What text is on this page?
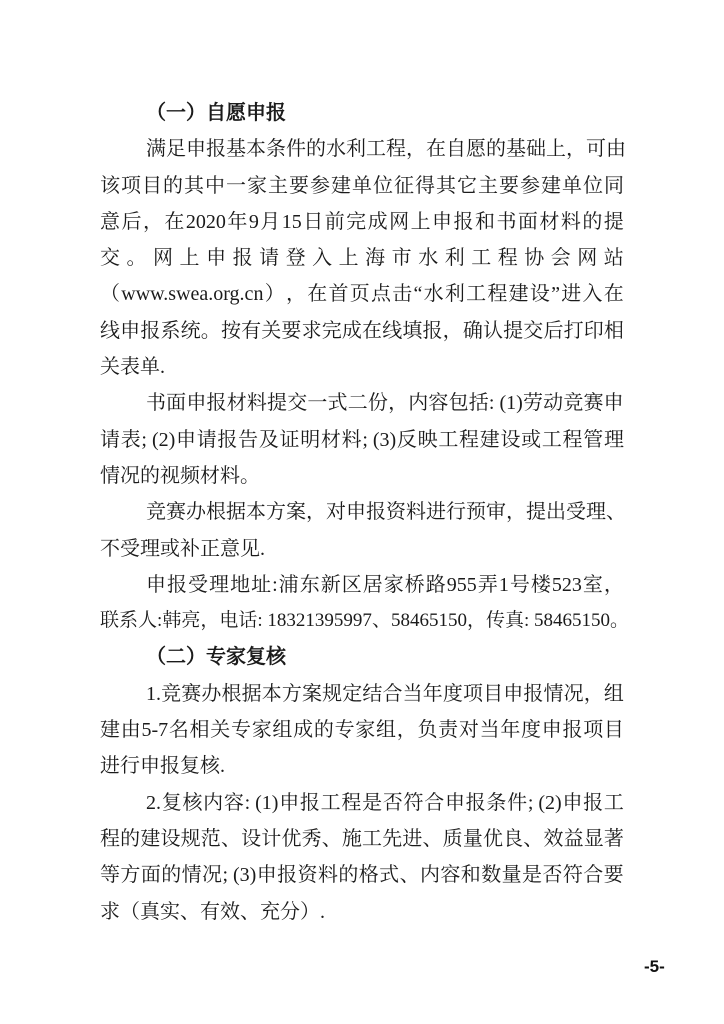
（一）自愿申报
满 足 申 报 基 本 条 件 的 水 利 工 程 ， 在 自 愿 的 基 础 上 ， 可 由
该 项 目 的 其 中 一 家 主 要 参 建 单 位 征 得 其 它 主 要 参 建 单 位 同
意 后 ， 在 2020 年 9 月 15 日 前 完 成 网 上 申 报 和 书 面 材 料 的 提
交 。 网 上 申 报 请 登 入 上 海 市 水 利 工 程 协 会 网 站
（ www.swea.org.cn ） ， 在 首 页 点 击 “ 水 利 工 程 建 设 ” 进 入 在
线 申 报 系 统 。 按 有 关 要 求 完 成 在 线 填 报 ， 确 认 提 交 后 打 印 相
关表单.
书 面 申 报 材 料 提 交 一 式 二 份 ， 内 容 包 括 : (1) 劳 动 竞 赛 申
请 表 ; (2) 申 请 报 告 及 证 明 材 料 ; (3) 反 映 工 程 建 设 或 工 程 管 理
情况的视频材料。
竞 赛 办 根 据 本 方 案 ， 对 申 报 资 料 进 行 预 审 ， 提 出 受 理 、
不受理或补正意见.
申 报 受 理 地 址 : 浦 东 新 区 居 家 桥 路 955 弄 1 号 楼 523 室 ，
联 系 人 : 韩 亮 ， 电 话 : 18321395997 、 58465150 ， 传 真 : 58465150 。
（二）专家复核
1. 竞 赛 办 根 据 本 方 案 规 定 结 合 当 年 度 项 目 申 报 情 况 ， 组
建 由 5-7 名 相 关 专 家 组 成 的 专 家 组 ， 负 责 对 当 年 度 申 报 项 目
进行申报复核.
2. 复 核 内 容 : (1) 申 报 工 程 是 否 符 合 申 报 条 件 ; (2) 申 报 工
程 的 建 设 规 范 、 设 计 优 秀 、 施 工 先 进 、 质 量 优 良 、 效 益 显 著
等 方 面 的 情 况 ; (3) 申 报 资 料 的 格 式 、 内 容 和 数 量 是 否 符 合 要
求（真实、有效、充分）.
-5-
